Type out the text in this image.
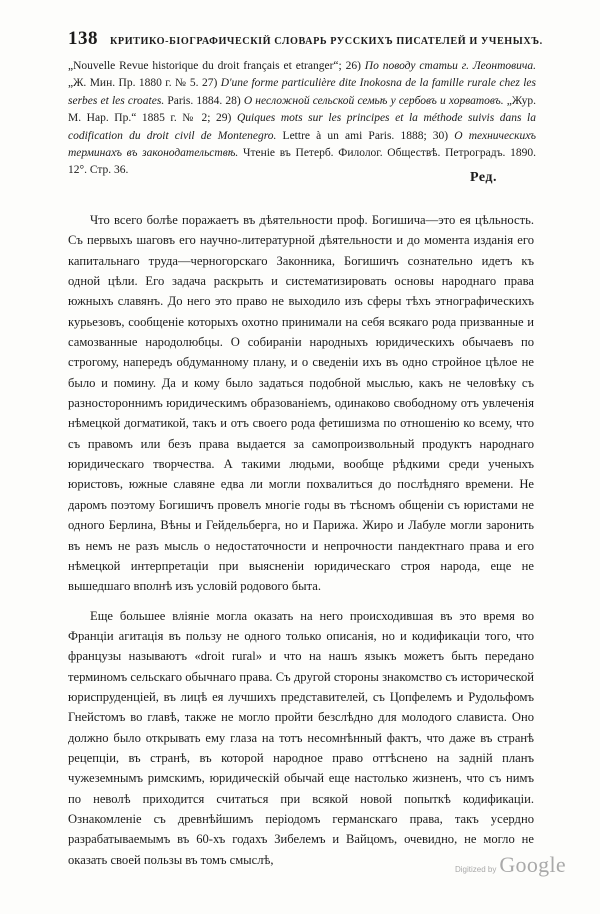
138 КРИТИКО-БІОГРАФИЧЕСКІЙ СЛОВАРЬ РУССКИХЪ ПИСАТЕЛЕЙ И УЧЕНЫХЪ.
„Nouvelle Revue historique du droit français et etranger“; 26) По поводу статьи г. Леонтовича. „Ж. Мин. Пр. 1880 г. № 5. 27) D'une forme particulière dite Inokosna de la famille rurale chez les serbes et les croates. Paris. 1884. 28) О несложной сельской семьѣ у сербовъ и хорватовъ. „Жур. М. Нар. Пр.“ 1885 г. № 2; 29) Quiques mots sur les principes et la méthode suivis dans la codification du droit civil de Montenegro. Lettre à un ami Paris. 1888; 30) О техническихъ терминахъ въ законодательствѣ. Чтеніе въ Петерб. Филолог. Обществѣ. Петроградъ. 1890. 12°. Стр. 36.	Ред.

Что всего болѣе поражаетъ въ дѣятельности проф. Богишича—это ея цѣльность. Съ первыхъ шаговъ его научно-литературной дѣятельности и до момента изданія его капитальнаго труда—черногорскаго Законника, Богишичъ сознательно идетъ къ одной цѣли. Его задача раскрыть и систематизировать основы народнаго права южныхъ славянъ. До него это право не выходило изъ сферы тѣхъ этнографическихъ курьезовъ, сообщеніе которыхъ охотно принимали на себя всякаго рода призванные и самозванные народолюбцы. О собираніи народныхъ юридическихъ обычаевъ по строгому, напередъ обдуманному плану, и о сведеніи ихъ въ одно стройное цѣлое не было и помину. Да и кому было задаться подобной мыслью, какъ не человѣку съ разностороннимъ юридическимъ образованіемъ, одинаково свободному отъ увлеченія нѣмецкой догматикой, такъ и отъ своего рода фетишизма по отношенію ко всему, что съ правомъ или безъ права выдается за самопроизвольный продуктъ народнаго юридическаго творчества. А такими людьми, вообще рѣдкими среди ученыхъ юристовъ, южные славяне едва ли могли похвалиться до послѣдняго времени. Не даромъ поэтому Богишичъ провелъ многіе годы въ тѣсномъ общеніи съ юристами не одного Берлина, Вѣны и Гейдельберга, но и Парижа. Жиро и Лабуле могли заронить въ немъ не разъ мысль о недостаточности и непрочности пандектнаго права и его нѣмецкой интерпретаціи при выясненіи юридическаго строя народа, еще не вышедшаго вполнѣ изъ условій родового быта.

Еще большее вліяніе могла оказать на него происходившая въ это время во Франціи агитація въ пользу не одного только описанія, но и кодификаціи того, что французы называютъ «droit rural» и что на нашъ языкъ можетъ быть передано терминомъ сельскаго обычнаго права. Съ другой стороны знакомство съ исторической юриспруденціей, въ лицѣ ея лучшихъ представителей, съ Цопфелемъ и Рудольфомъ Гнейстомъ во главѣ, также не могло пройти безслѣдно для молодого слависта. Оно должно было открывать ему глаза на тотъ несомнѣнный фактъ, что даже въ странѣ рецепціи, въ странѣ, въ которой народное право оттѣснено на задній планъ чужеземнымъ римскимъ, юридическій обычай еще настолько жизненъ, что съ нимъ по неволѣ приходится считаться при всякой новой попыткѣ кодификаціи. Ознакомленіе съ древнѣйшимъ періодомъ германскаго права, такъ усердно разрабатываемымъ въ 60-хъ годахъ Зибелемъ и Вайцомъ, очевидно, не могло не оказать своей пользы въ томъ смыслѣ,

Digitized by Google
